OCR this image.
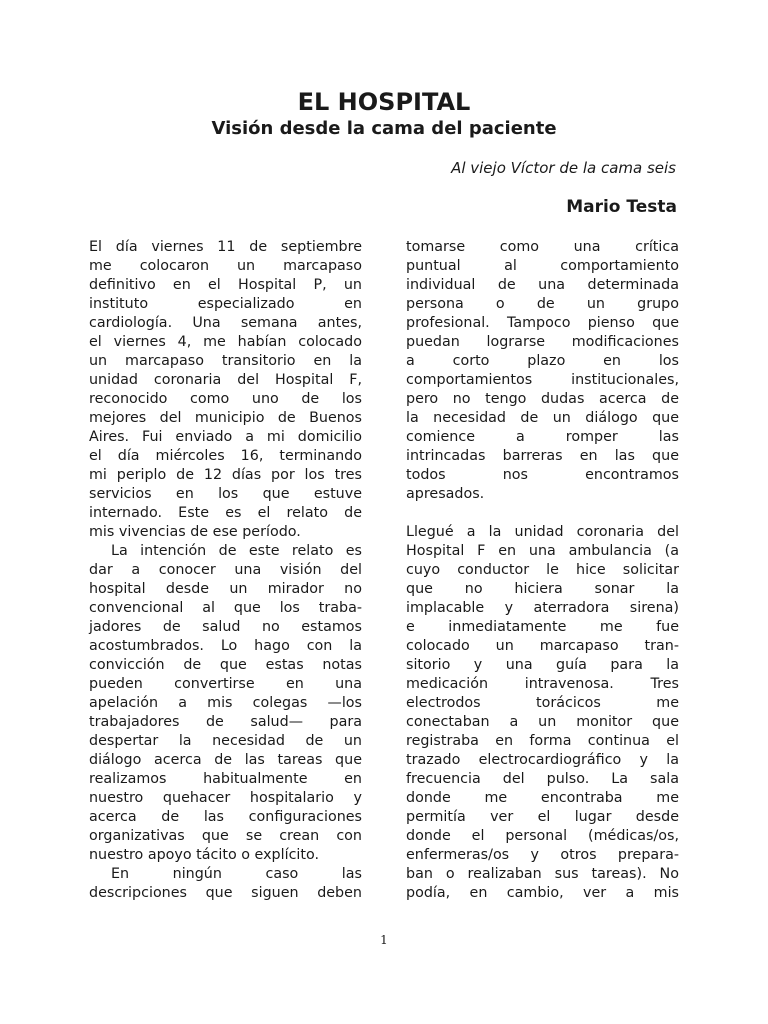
EL HOSPITAL
Visión desde la cama del paciente
Al viejo Víctor de la cama seis
Mario Testa
El día viernes 11 de septiembre
me colocaron un marcapaso
definitivo en el Hospital P, un
instituto especializado en
cardiología. Una semana antes,
el viernes 4, me habían colocado
un marcapaso transitorio en la
unidad coronaria del Hospital F,
reconocido como uno de los
mejores del municipio de Buenos
Aires. Fui enviado a mi domicilio
el día miércoles 16, terminando
mi periplo de 12 días por los tres
servicios en los que estuve
internado. Este es el relato de
mis vivencias de ese período.
La intención de este relato es
dar a conocer una visión del
hospital desde un mirador no
convencional al que los traba-
jadores de salud no estamos
acostumbrados. Lo hago con la
convicción de que estas notas
pueden convertirse en una
apelación a mis colegas —los
trabajadores de salud— para
despertar la necesidad de un
diálogo acerca de las tareas que
realizamos habitualmente en
nuestro quehacer hospitalario y
acerca de las configuraciones
organizativas que se crean con
nuestro apoyo tácito o explícito.
En ningún caso las
descripciones que siguen deben
tomarse como una crítica
puntual al comportamiento
individual de una determinada
persona o de un grupo
profesional. Tampoco pienso que
puedan lograrse modificaciones
a corto plazo en los
comportamientos institucionales,
pero no tengo dudas acerca de
la necesidad de un diálogo que
comience a romper las
intrincadas barreras en las que
todos nos encontramos
apresados.
Llegué a la unidad coronaria del
Hospital F en una ambulancia (a
cuyo conductor le hice solicitar
que no hiciera sonar la
implacable y aterradora sirena)
e inmediatamente me fue
colocado un marcapaso tran-
sitorio y una guía para la
medicación intravenosa. Tres
electrodos torácicos me
conectaban a un monitor que
registraba en forma continua el
trazado electrocardiográfico y la
frecuencia del pulso. La sala
donde me encontraba me
permitía ver el lugar desde
donde el personal (médicas/os,
enfermeras/os y otros prepara-
ban o realizaban sus tareas). No
podía, en cambio, ver a mis
1
